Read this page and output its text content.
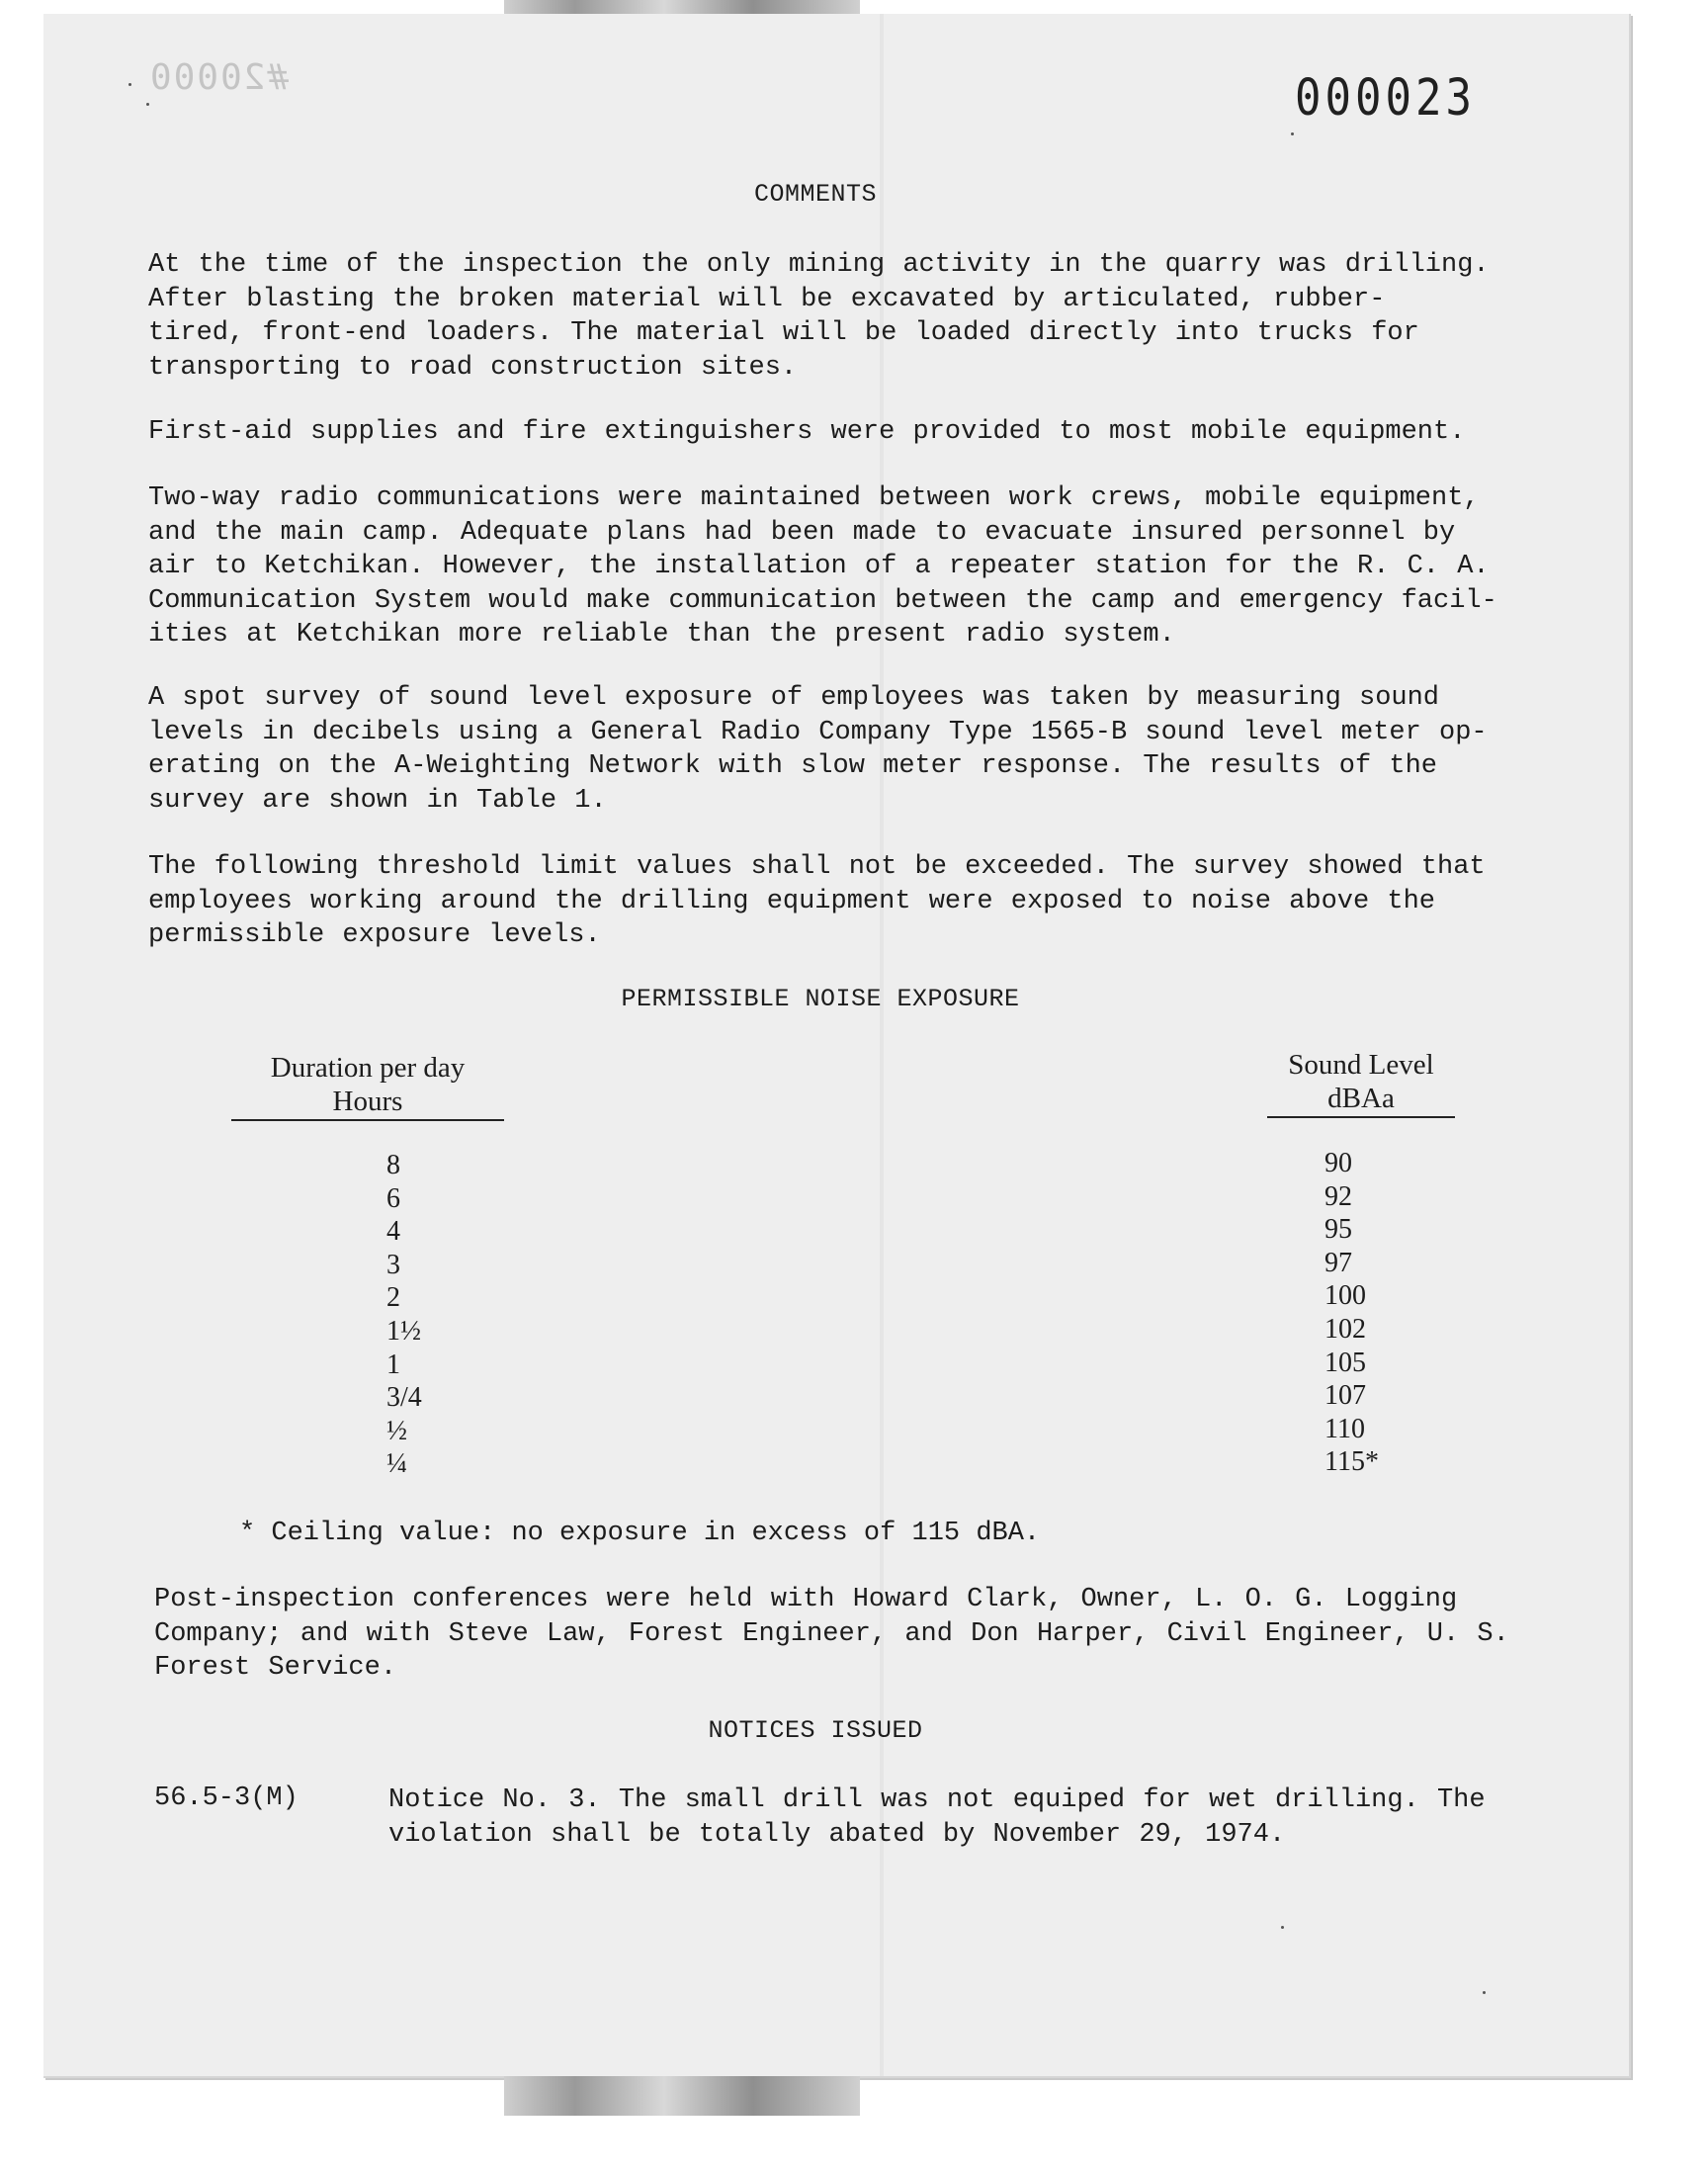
#20000	000023
COMMENTS

At the time of the inspection the only mining activity in the quarry was drilling.
After blasting the broken material will be excavated by articulated, rubber-
tired, front-end loaders. The material will be loaded directly into trucks for
transporting to road construction sites.

First-aid supplies and fire extinguishers were provided to most mobile equipment.

Two-way radio communications were maintained between work crews, mobile equipment,
and the main camp. Adequate plans had been made to evacuate insured personnel by
air to Ketchikan. However, the installation of a repeater station for the R. C. A.
Communication System would make communication between the camp and emergency facil-
ities at Ketchikan more reliable than the present radio system.

A spot survey of sound level exposure of employees was taken by measuring sound
levels in decibels using a General Radio Company Type 1565-B sound level meter op-
erating on the A-Weighting Network with slow meter response. The results of the
survey are shown in Table 1.

The following threshold limit values shall not be exceeded. The survey showed that
employees working around the drilling equipment were exposed to noise above the
permissible exposure levels.

PERMISSIBLE NOISE EXPOSURE
Duration per day
Hours
Sound Level
dBAa
8
6
4
3
2
1½
1
3/4
½
¼
90
92
95
97
100
102
105
107
110
115*
* Ceiling value: no exposure in excess of 115 dBA.

Post-inspection conferences were held with Howard Clark, Owner, L. O. G. Logging
Company; and with Steve Law, Forest Engineer, and Don Harper, Civil Engineer, U. S.
Forest Service.

NOTICES ISSUED
56.5-3(M)	Notice No. 3. The small drill was not equiped for wet drilling. The
violation shall be totally abated by November 29, 1974.
